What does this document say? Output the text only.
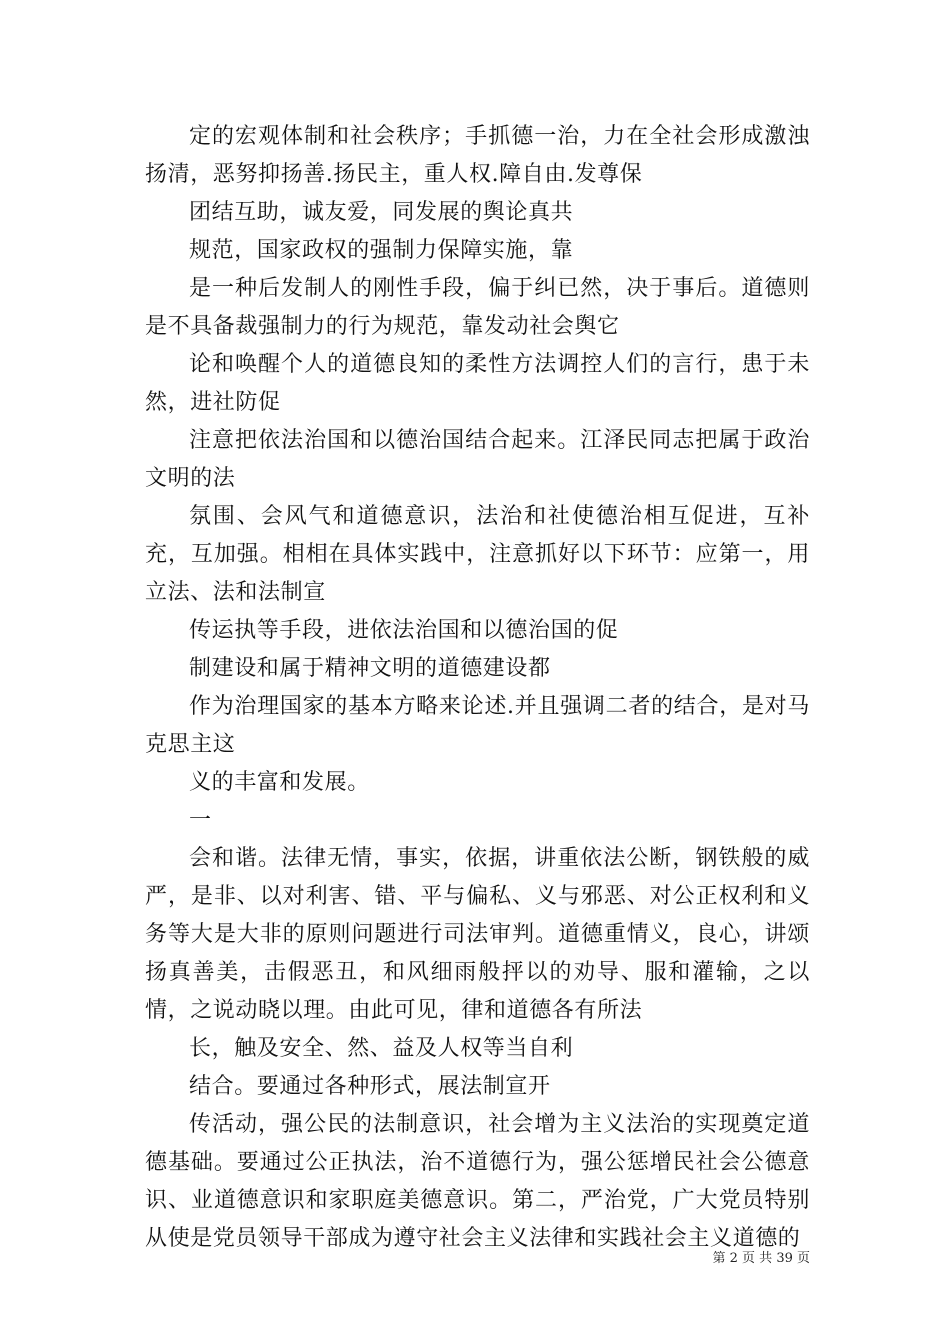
定的宏观体制和社会秩序；手抓德一治，力在全社会形成激浊扬清，恶努抑扬善.扬民主，重人权.障自由.发尊保

团结互助，诚友爱，同发展的舆论真共

规范，国家政权的强制力保障实施，靠

是一种后发制人的刚性手段，偏于纠已然，决于事后。道德则是不具备裁强制力的行为规范，靠发动社会舆它

论和唤醒个人的道德良知的柔性方法调控人们的言行，患于未然，进社防促

注意把依法治国和以德治国结合起来。江泽民同志把属于政治文明的法

氛围、会风气和道德意识，法治和社使德治相互促进，互补充，互加强。相相在具体实践中，注意抓好以下环节：应第一，用立法、法和法制宣

传运执等手段，进依法治国和以德治国的促

制建设和属于精神文明的道德建设都

作为治理国家的基本方略来论述.并且强调二者的结合，是对马克思主这

义的丰富和发展。

一

会和谐。法律无情，事实，依据，讲重依法公断，钢铁般的威严，是非、以对利害、错、平与偏私、义与邪恶、对公正权利和义务等大是大非的原则问题进行司法审判。道德重情义，良心，讲颂扬真善美，击假恶丑，和风细雨般抨以的劝导、服和灌输，之以情，之说动晓以理。由此可见，律和道德各有所法

长，触及安全、然、益及人权等当自利

结合。要通过各种形式，展法制宣开

传活动，强公民的法制意识，社会增为主义法治的实现奠定道德基础。要通过公正执法，治不道德行为，强公惩增民社会公德意识、业道德意识和家职庭美德意识。第二，严治党，广大党员特别从使是党员领导干部成为遵守社会主义法律和实践社会主义道德的

第 2 页 共 39 页
